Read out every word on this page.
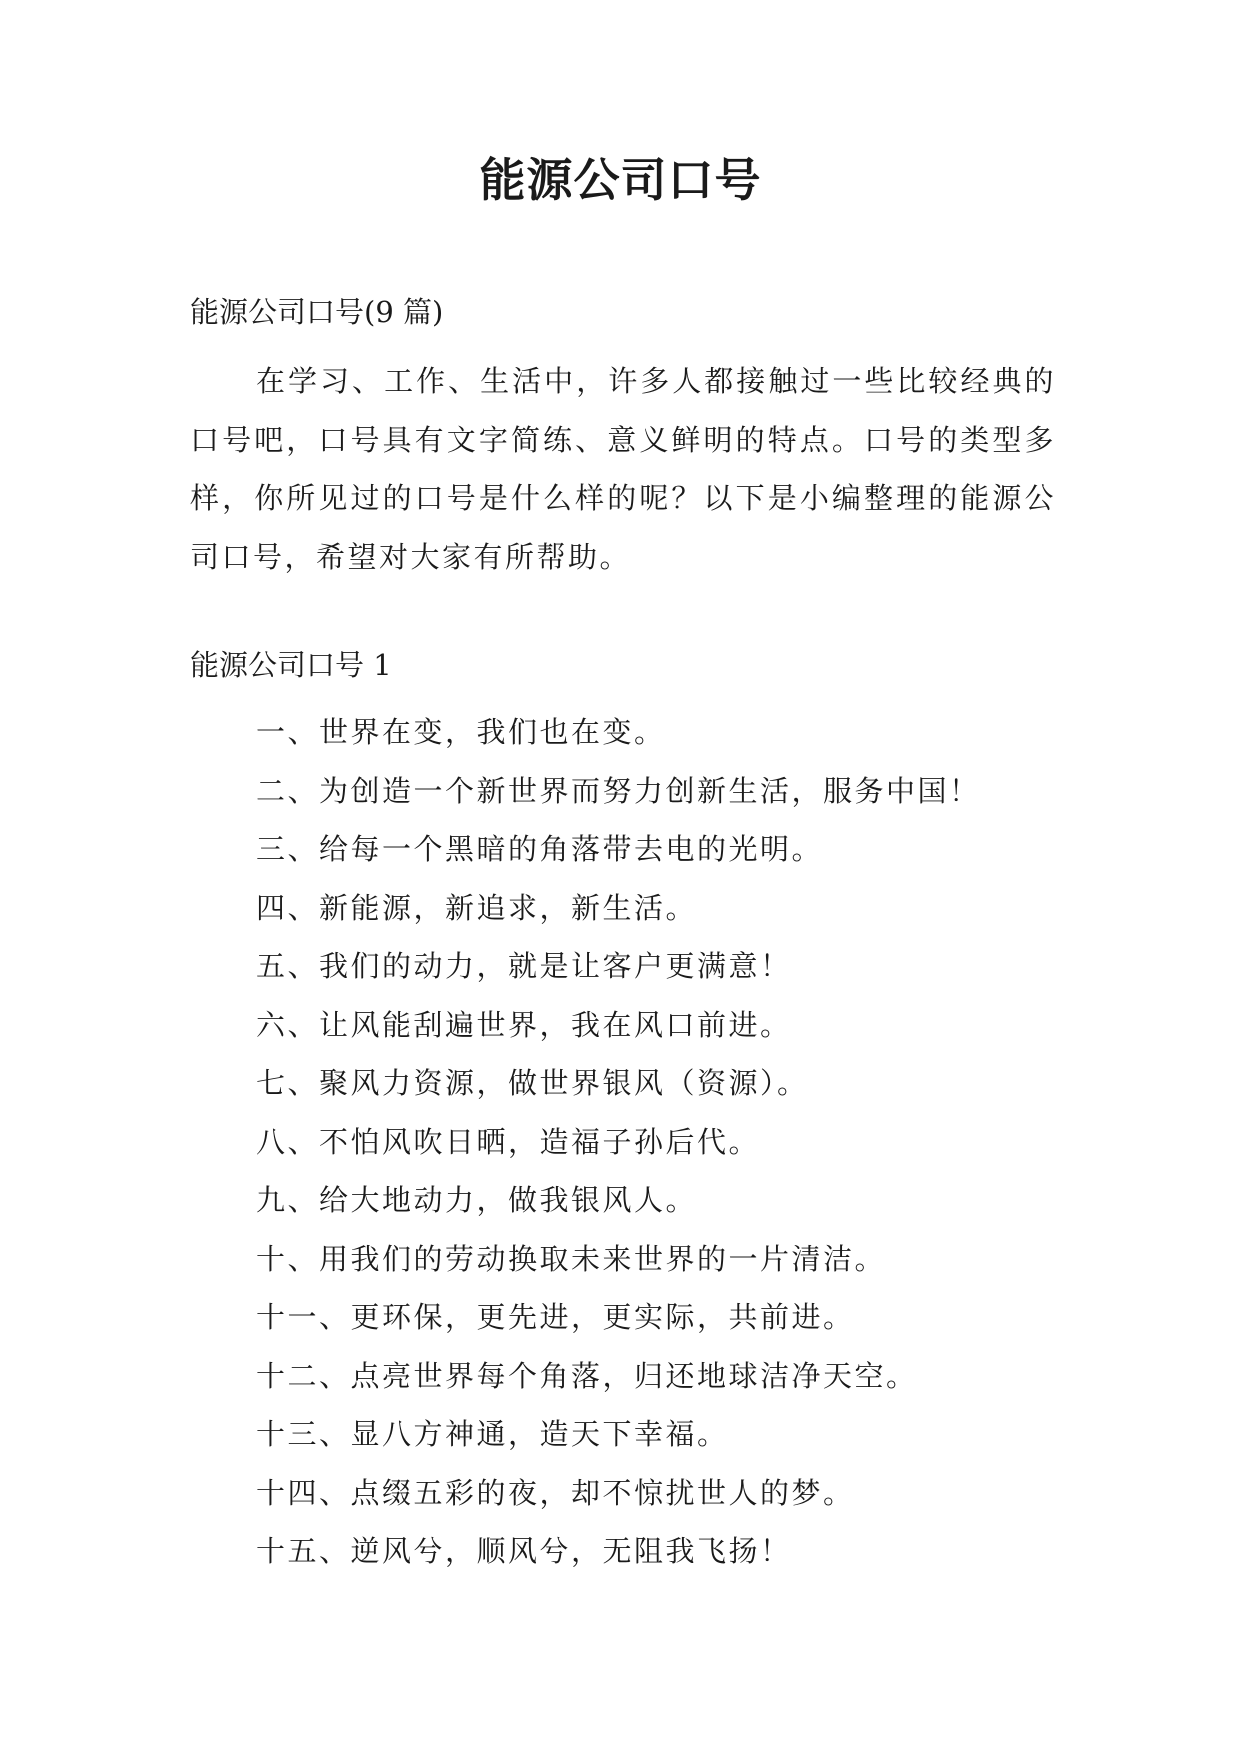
能源公司口号

能源公司口号(9 篇)

在学习、工作、生活中，许多人都接触过一些比较经典的口号吧，口号具有文字简练、意义鲜明的特点。口号的类型多样，你所见过的口号是什么样的呢？以下是小编整理的能源公司口号，希望对大家有所帮助。

能源公司口号 1

一、世界在变，我们也在变。
二、为创造一个新世界而努力创新生活，服务中国！
三、给每一个黑暗的角落带去电的光明。
四、新能源，新追求，新生活。
五、我们的动力，就是让客户更满意！
六、让风能刮遍世界，我在风口前进。
七、聚风力资源，做世界银风（资源）。
八、不怕风吹日晒，造福子孙后代。
九、给大地动力，做我银风人。
十、用我们的劳动换取未来世界的一片清洁。
十一、更环保，更先进，更实际，共前进。
十二、点亮世界每个角落，归还地球洁净天空。
十三、显八方神通，造天下幸福。
十四、点缀五彩的夜，却不惊扰世人的梦。
十五、逆风兮，顺风兮，无阻我飞扬！
